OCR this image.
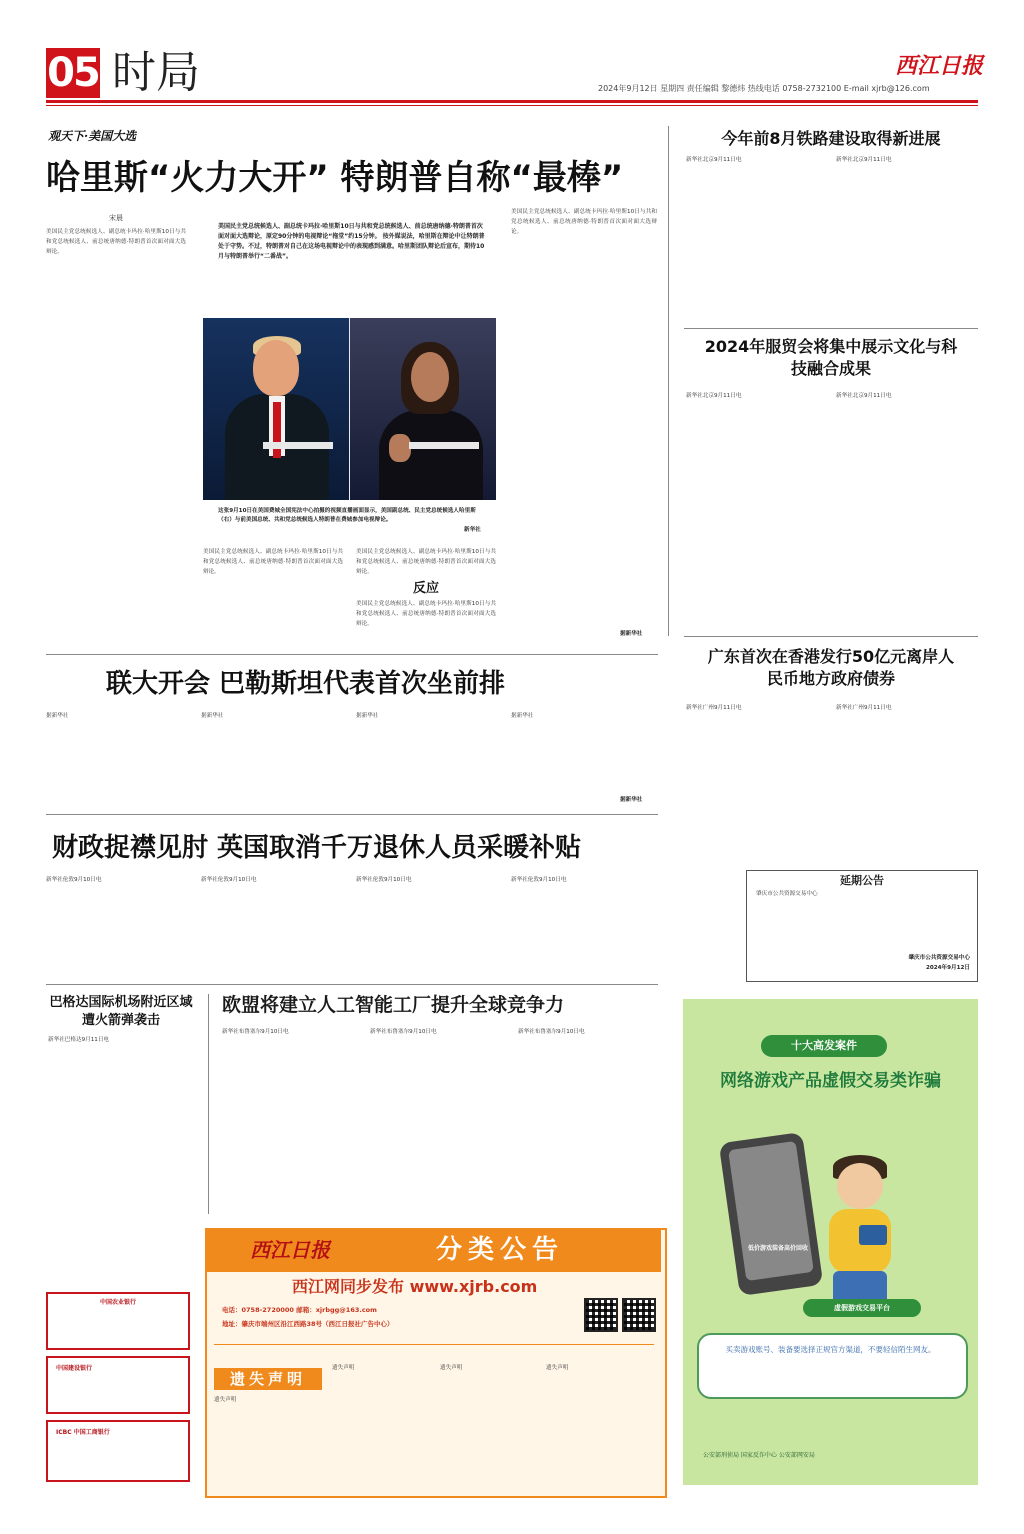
05 时局	2024年9月12日 星期四 责任编辑 黎德炜 热线电话 0758-2732100 E-mail xjrb@126.com
西江日报
观天下·美国大选
哈里斯“火力大开” 特朗普自称“最棒”
宋晨
美国民主党总统候选人、副总统卡玛拉·哈里斯10日与共和党总统候选人、前总统唐纳德·特朗普首次面对面大选辩论。
美国民主党总统候选人、副总统卡玛拉·哈里斯10日与共和党总统候选人、前总统唐纳德·特朗普首次面对面大选辩论，原定90分钟的电视辩论“拖堂”约15分钟。 按外媒说法，哈里斯在辩论中让特朗普处于守势。不过，特朗普对自己在这场电视辩论中的表现感到满意。哈里斯团队辩论后宣布，期待10月与特朗普举行“二番战”。
这张9月10日在美国费城全国宪法中心拍摄的视频直播画面显示，美国副总统、民主党总统候选人哈里斯（右）与前美国总统、共和党总统候选人特朗普在费城参加电视辩论。
新华社
美国民主党总统候选人、副总统卡玛拉·哈里斯10日与共和党总统候选人、前总统唐纳德·特朗普首次面对面大选辩论。
美国民主党总统候选人、副总统卡玛拉·哈里斯10日与共和党总统候选人、前总统唐纳德·特朗普首次面对面大选辩论。
反应
美国民主党总统候选人、副总统卡玛拉·哈里斯10日与共和党总统候选人、前总统唐纳德·特朗普首次面对面大选辩论。
美国民主党总统候选人、副总统卡玛拉·哈里斯10日与共和党总统候选人、前总统唐纳德·特朗普首次面对面大选辩论。
据新华社
今年前8月铁路建设取得新进展
新华社北京9月11日电	新华社北京9月11日电
2024年服贸会将集中展示文化与科技融合成果
新华社北京9月11日电	新华社北京9月11日电
广东首次在香港发行50亿元离岸人民币地方政府债券
新华社广州9月11日电	新华社广州9月11日电
延期公告
肇庆市公共资源交易中心
肇庆市公共资源交易中心
2024年9月12日
联大开会 巴勒斯坦代表首次坐前排
据新华社	据新华社	据新华社	据新华社
据新华社
财政捉襟见肘 英国取消千万退休人员采暖补贴
新华社伦敦9月10日电	新华社伦敦9月10日电	新华社伦敦9月10日电	新华社伦敦9月10日电
巴格达国际机场附近区域遭火箭弹袭击
新华社巴格达9月11日电
欧盟将建立人工智能工厂提升全球竞争力
新华社布鲁塞尔9月10日电	新华社布鲁塞尔9月10日电	新华社布鲁塞尔9月10日电
中国农业银行
中国建设银行
ICBC 中国工商银行
西江日报	分类公告
西江网同步发布 www.xjrb.com
电话：0758-2720000 邮箱：xjrbgg@163.com
地址：肇庆市端州区沿江西路38号（西江日报社广告中心）
遗失声明
遗失声明
遗失声明	遗失声明	遗失声明
十大高发案件
网络游戏产品虚假交易类诈骗
低价游戏装备高价回收
虚假游戏交易平台
买卖游戏账号、装备要选择正规官方渠道，不要轻信陌生网友。
公安部刑侦局 国家反诈中心 公安部网安局
